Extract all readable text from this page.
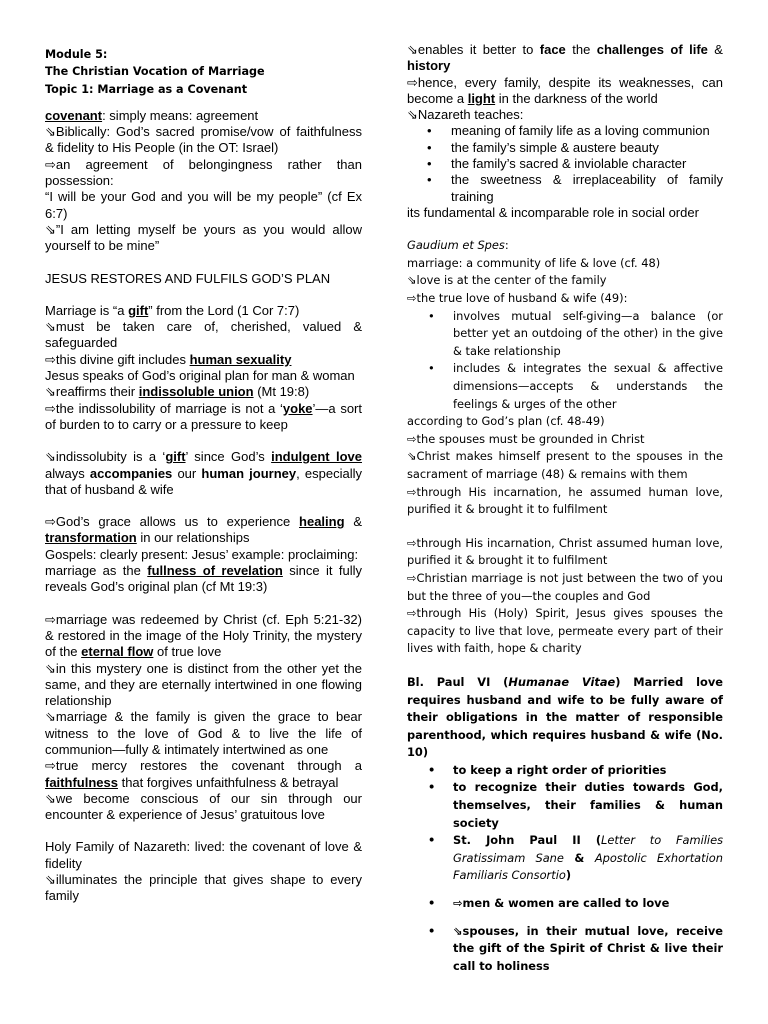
Module 5:
The Christian Vocation of Marriage
Topic 1: Marriage as a Covenant

covenant: simply means: agreement

⇘Biblically: God’s sacred promise/vow of faithfulness & fidelity to His People (in the OT: Israel)

⇨an agreement of belongingness rather than possession:

“I will be your God and you will be my people” (cf Ex 6:7)

⇘”I am letting myself be yours as you would allow yourself to be mine”

JESUS RESTORES AND FULFILS GOD’S PLAN

Marriage is “a gift” from the Lord (1 Cor 7:7)

⇘must be taken care of, cherished, valued & safeguarded

⇨this divine gift includes human sexuality

Jesus speaks of God’s original plan for man & woman

⇘reaffirms their indissoluble union (Mt 19:8)

⇨the indissolubility of marriage is not a ‘yoke’—a sort of burden to to carry or a pressure to keep

⇘indissolubity is a ‘gift’ since God’s indulgent love always accompanies our human journey, especially that of husband & wife

⇨God’s grace allows us to experience healing & transformation in our relationships

Gospels: clearly present: Jesus’ example: proclaiming:

marriage as the fullness of revelation since it fully reveals God’s original plan (cf Mt 19:3)

⇨marriage was redeemed by Christ (cf. Eph 5:21-32) & restored in the image of the Holy Trinity, the mystery of the eternal flow of true love

⇘in this mystery one is distinct from the other yet the same, and they are eternally intertwined in one flowing relationship

⇘marriage & the family is given the grace to bear witness to the love of God & to live the life of communion—fully & intimately intertwined as one

⇨true mercy restores the covenant through a faithfulness that forgives unfaithfulness & betrayal

⇘we become conscious of our sin through our encounter & experience of Jesus’ gratuitous love

Holy Family of Nazareth: lived: the covenant of love & fidelity

⇘illuminates the principle that gives shape to every family

⇘enables it better to face the challenges of life & history

⇨hence, every family, despite its weaknesses, can become a light in the darkness of the world

⇘Nazareth teaches:

• meaning of family life as a loving communion
• the family’s simple & austere beauty
• the family’s sacred & inviolable character
• the sweetness & irreplaceability of family training

its fundamental & incomparable role in social order

Gaudium et Spes:

marriage: a community of life & love (cf. 48)

⇘love is at the center of the family

⇨the true love of husband & wife (49):

• involves mutual self-giving—a balance (or better yet an outdoing of the other) in the give & take relationship
• includes & integrates the sexual & affective dimensions—accepts & understands the feelings & urges of the other

according to God’s plan (cf. 48-49)

⇨the spouses must be grounded in Christ

⇘Christ makes himself present to the spouses in the sacrament of marriage (48) & remains with them

⇨through His incarnation, he assumed human love, purified it & brought it to fulfilment

⇨through His incarnation, Christ assumed human love, purified it & brought it to fulfilment

⇨Christian marriage is not just between the two of you but the three of you—the couples and God

⇨through His (Holy) Spirit, Jesus gives spouses the capacity to live that love, permeate every part of their lives with faith, hope & charity

Bl. Paul VI (Humanae Vitae) Married love requires husband and wife to be fully aware of their obligations in the matter of responsible parenthood, which requires husband & wife (No. 10)

• to keep a right order of priorities
• to recognize their duties towards God, themselves, their families & human society
• St. John Paul II (Letter to Families Gratissimam Sane & Apostolic Exhortation Familiaris Consortio)
• ⇨men & women are called to love
• ⇘spouses, in their mutual love, receive the gift of the Spirit of Christ & live their call to holiness
